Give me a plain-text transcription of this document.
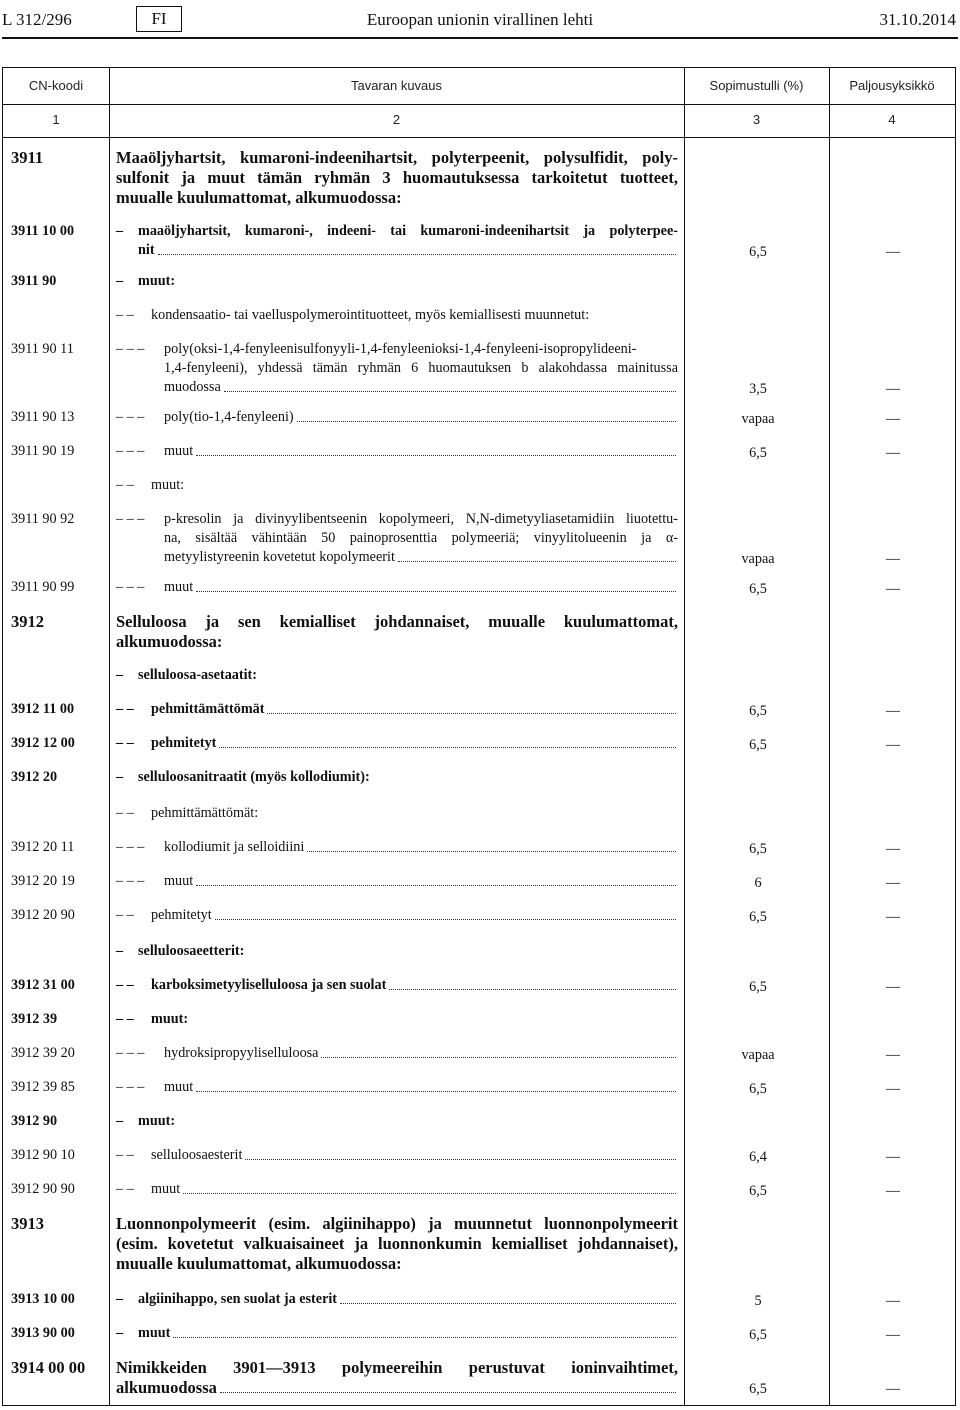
L 312/296	FI	Euroopan unionin virallinen lehti	31.10.2014
CN-koodi	Tavaran kuvaus	Sopimustulli (%)	Paljousyksikkö
1	2	3	4
3911	Maaöljyhartsit, kumaroni-indeenihartsit, polyterpeenit, polysulfidit, poly-
sulfonit ja muut tämän ryhmän 3 huomautuksessa tarkoitetut tuotteet,
muualle kuulumattomat, alkumuodossa:
3911 10 00	– maaöljyhartsit, kumaroni-, indeeni- tai kumaroni-indeenihartsit ja polyterpee-
nit	6,5	—
3911 90	– muut:
– – kondensaatio- tai vaelluspolymerointituotteet, myös kemiallisesti muunnetut:
3911 90 11	– – – poly(oksi-1,4-fenyleenisulfonyyli-1,4-fenyleenioksi-1,4-fenyleeni-isopropylideeni-
1,4-fenyleeni), yhdessä tämän ryhmän 6 huomautuksen b alakohdassa mainitussa
muodossa	3,5	—
3911 90 13	– – – poly(tio-1,4-fenyleeni)	vapaa	—
3911 90 19	– – – muut	6,5	—
– – muut:
3911 90 92	– – – p-kresolin ja divinyylibentseenin kopolymeeri, N,N-dimetyyliasetamidiin liuotettu-
na, sisältää vähintään 50 painoprosenttia polymeeriä; vinyylitolueenin ja α-
metyylistyreenin kovetetut kopolymeerit	vapaa	—
3911 90 99	– – – muut	6,5	—
3912	Selluloosa ja sen kemialliset johdannaiset, muualle kuulumattomat,
alkumuodossa:
– selluloosa-asetaatit:
3912 11 00	– – pehmittämättömät	6,5	—
3912 12 00	– – pehmitetyt	6,5	—
3912 20	– selluloosanitraatit (myös kollodiumit):
– – pehmittämättömät:
3912 20 11	– – – kollodiumit ja selloidiini	6,5	—
3912 20 19	– – – muut	6	—
3912 20 90	– – pehmitetyt	6,5	—
– selluloosaeetterit:
3912 31 00	– – karboksimetyyliselluloosa ja sen suolat	6,5	—
3912 39	– – muut:
3912 39 20	– – – hydroksipropyyliselluloosa	vapaa	—
3912 39 85	– – – muut	6,5	—
3912 90	– muut:
3912 90 10	– – selluloosaesterit	6,4	—
3912 90 90	– – muut	6,5	—
3913	Luonnonpolymeerit (esim. algiinihappo) ja muunnetut luonnonpolymeerit
(esim. kovetetut valkuaisaineet ja luonnonkumin kemialliset johdannaiset),
muualle kuulumattomat, alkumuodossa:
3913 10 00	– algiinihappo, sen suolat ja esterit	5	—
3913 90 00	– muut	6,5	—
3914 00 00 Nimikkeiden 3901—3913 polymeereihin perustuvat ioninvaihtimet,
alkumuodossa	6,5	—
